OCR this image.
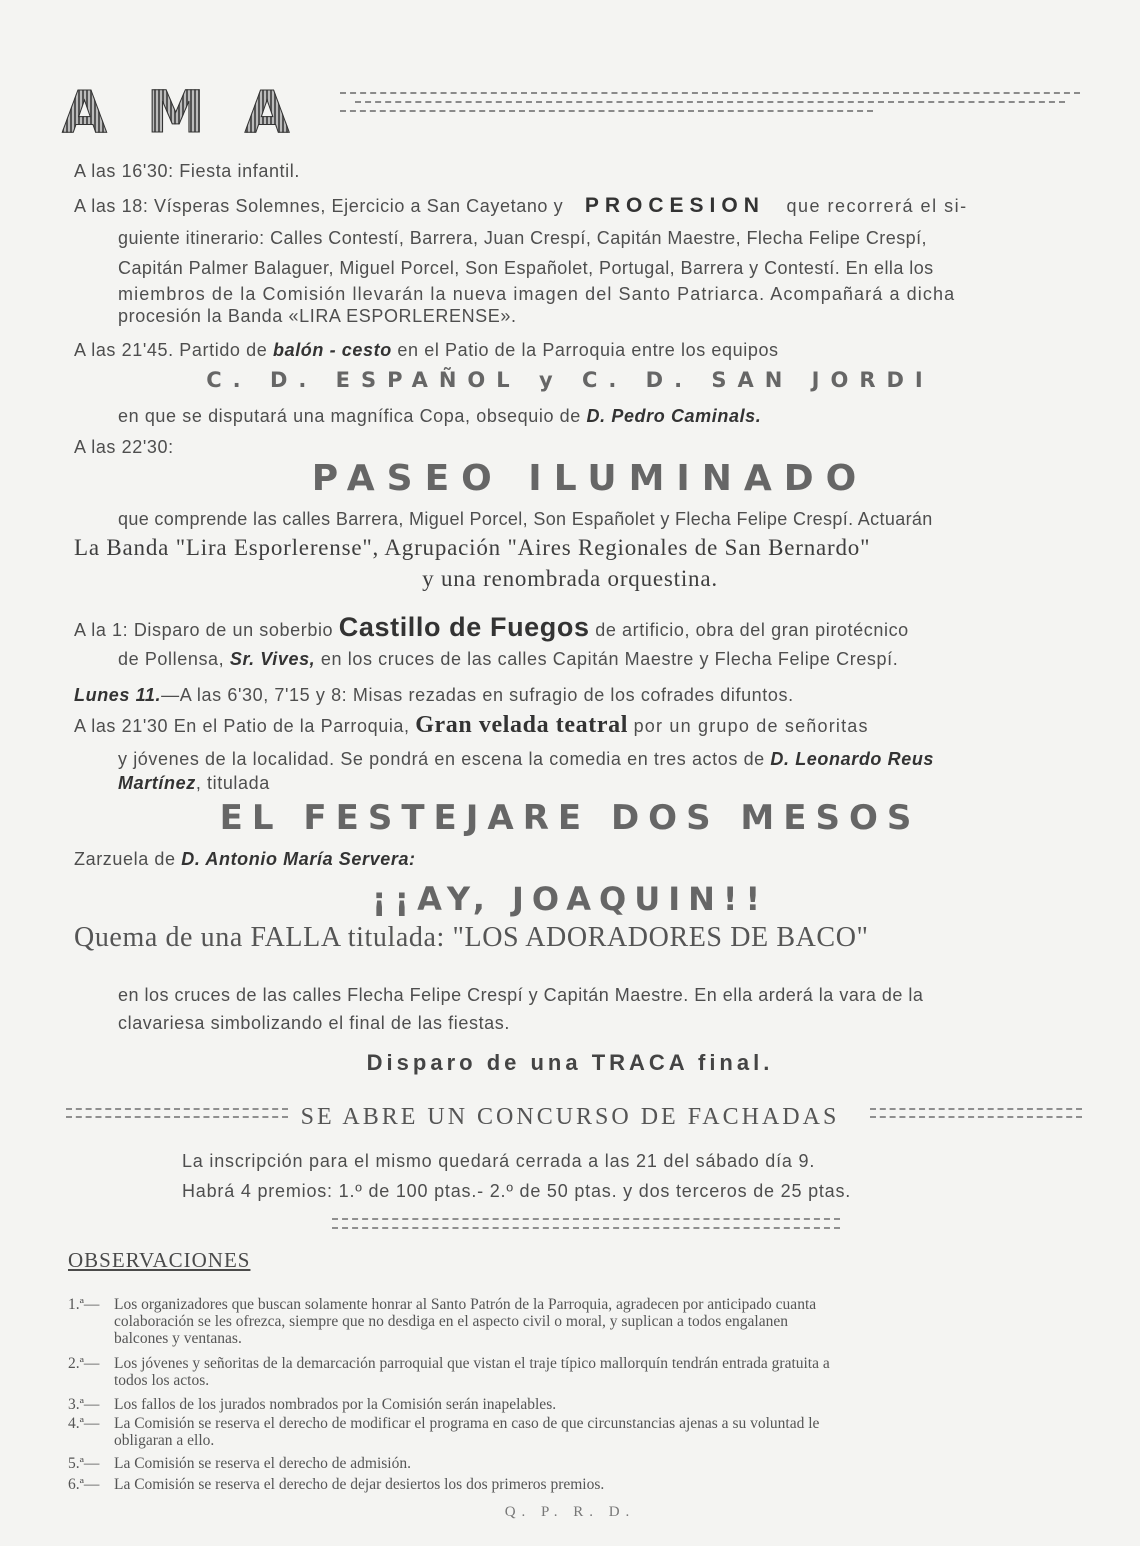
AMA
A las 16'30: Fiesta infantil.
A las 18: Vísperas Solemnes, Ejercicio a San Cayetano y PROCESION que recorrerá el si-
guiente itinerario: Calles Contestí, Barrera, Juan Crespí, Capitán Maestre, Flecha Felipe Crespí,
Capitán Palmer Balaguer, Miguel Porcel, Son Españolet, Portugal, Barrera y Contestí. En ella los
miembros de la Comisión llevarán la nueva imagen del Santo Patriarca. Acompañará a dicha
procesión la Banda «LIRA ESPORLERENSE».
A las 21'45. Partido de balón - cesto en el Patio de la Parroquia entre los equipos
C. D. ESPAÑOL y C. D. SAN JORDI
en que se disputará una magnífica Copa, obsequio de D. Pedro Caminals.
A las 22'30:
PASEO ILUMINADO
que comprende las calles Barrera, Miguel Porcel, Son Españolet y Flecha Felipe Crespí. Actuarán
La Banda "Lira Esporlerense", Agrupación "Aires Regionales de San Bernardo"
y una renombrada orquestina.
A la 1: Disparo de un soberbio Castillo de Fuegos de artificio, obra del gran pirotécnico
de Pollensa, Sr. Vives, en los cruces de las calles Capitán Maestre y Flecha Felipe Crespí.
Lunes 11.—A las 6'30, 7'15 y 8: Misas rezadas en sufragio de los cofrades difuntos.
A las 21'30 En el Patio de la Parroquia, Gran velada teatral por un grupo de señoritas
y jóvenes de la localidad. Se pondrá en escena la comedia en tres actos de D. Leonardo Reus
Martínez, titulada
EL FESTEJARE DOS MESOS
Zarzuela de D. Antonio María Servera:
¡¡AY, JOAQUIN!!
Quema de una FALLA titulada: "LOS ADORADORES DE BACO"
en los cruces de las calles Flecha Felipe Crespí y Capitán Maestre. En ella arderá la vara de la
clavariesa simbolizando el final de las fiestas.
Disparo de una TRACA final.
SE ABRE UN CONCURSO DE FACHADAS
La inscripción para el mismo quedará cerrada a las 21 del sábado día 9.
Habrá 4 premios: 1.º de 100 ptas.- 2.º de 50 ptas. y dos terceros de 25 ptas.
OBSERVACIONES
1.ª— Los organizadores que buscan solamente honrar al Santo Patrón de la Parroquia, agradecen por anticipado cuanta
colaboración se les ofrezca, siempre que no desdiga en el aspecto civil o moral, y suplican a todos engalanen
balcones y ventanas.
2.ª— Los jóvenes y señoritas de la demarcación parroquial que vistan el traje típico mallorquín tendrán entrada gratuita a
todos los actos.
3.ª— Los fallos de los jurados nombrados por la Comisión serán inapelables.
4.ª— La Comisión se reserva el derecho de modificar el programa en caso de que circunstancias ajenas a su voluntad le
obligaran a ello.
5.ª— La Comisión se reserva el derecho de admisión.
6.ª— La Comisión se reserva el derecho de dejar desiertos los dos primeros premios.
Q. P. R. D.
